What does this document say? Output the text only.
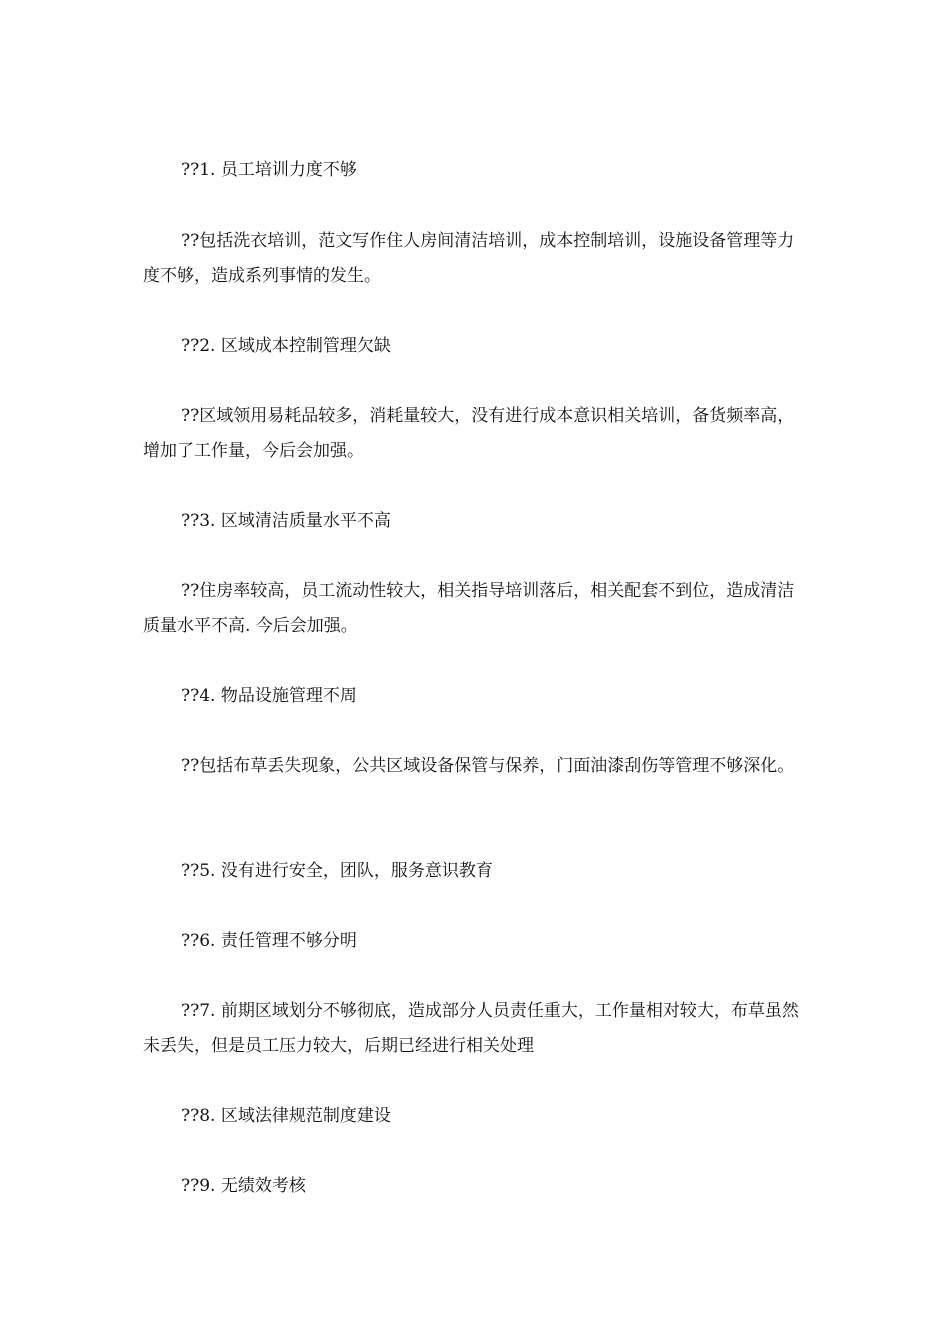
??1. 员工培训力度不够

??包括洗衣培训，范文写作住人房间清洁培训，成本控制培训，设施设备管理等力度不够，造成系列事情的发生。

??2. 区域成本控制管理欠缺

??区域领用易耗品较多，消耗量较大，没有进行成本意识相关培训，备货频率高，增加了工作量，今后会加强。

??3. 区域清洁质量水平不高

??住房率较高，员工流动性较大，相关指导培训落后，相关配套不到位，造成清洁质量水平不高. 今后会加强。

??4. 物品设施管理不周

??包括布草丢失现象，公共区域设备保管与保养，门面油漆刮伤等管理不够深化。

??5. 没有进行安全，团队，服务意识教育

??6. 责任管理不够分明

??7. 前期区域划分不够彻底，造成部分人员责任重大，工作量相对较大，布草虽然未丢失，但是员工压力较大，后期已经进行相关处理

??8. 区域法律规范制度建设

??9. 无绩效考核
